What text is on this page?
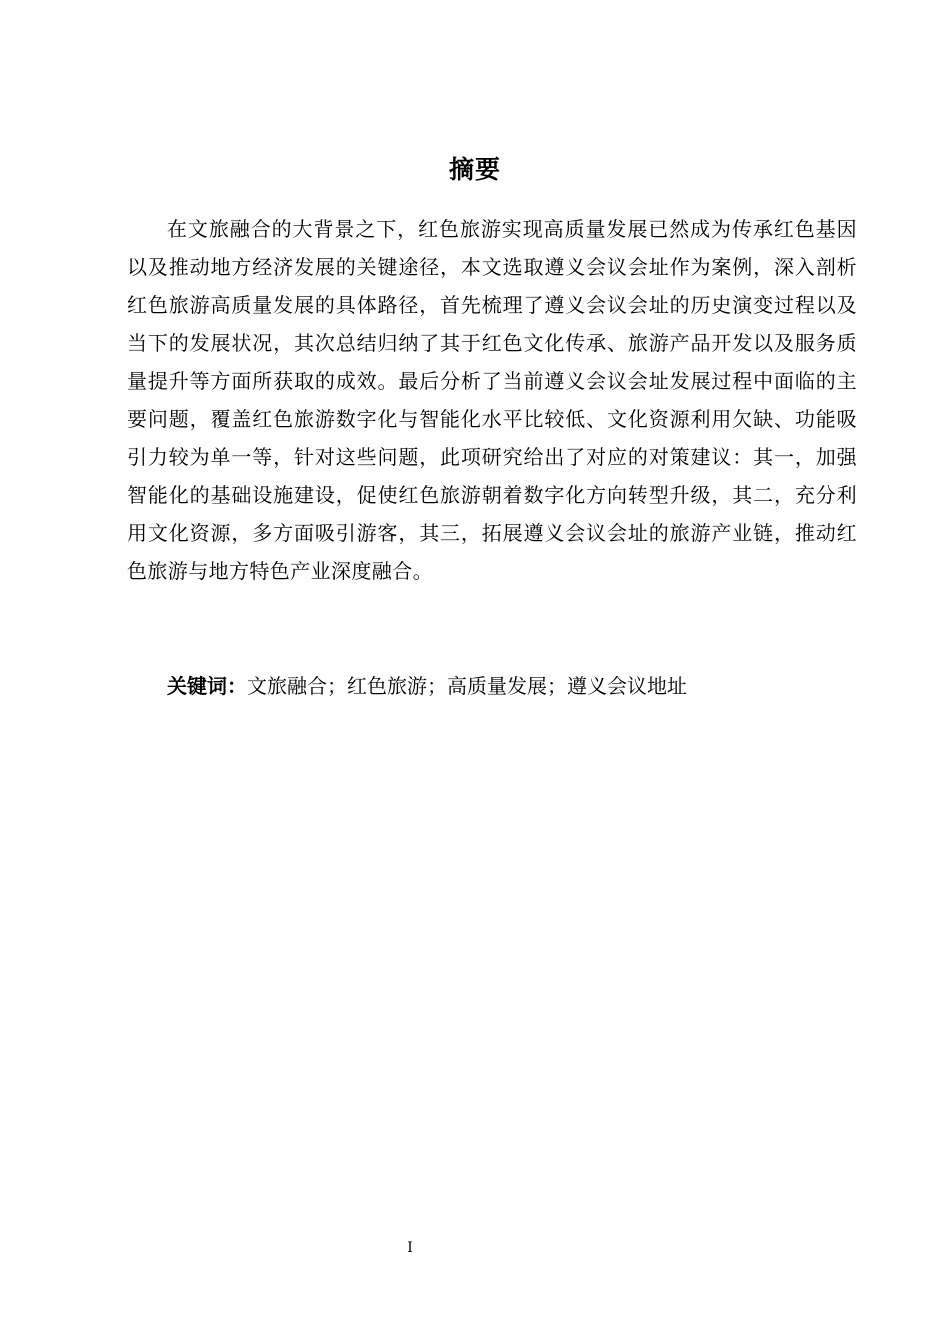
摘要

在文旅融合的大背景之下，红色旅游实现高质量发展已然成为传承红色基因以及推动地方经济发展的关键途径，本文选取遵义会议会址作为案例，深入剖析红色旅游高质量发展的具体路径，首先梳理了遵义会议会址的历史演变过程以及当下的发展状况，其次总结归纳了其于红色文化传承、旅游产品开发以及服务质量提升等方面所获取的成效。最后分析了当前遵义会议会址发展过程中面临的主要问题，覆盖红色旅游数字化与智能化水平比较低、文化资源利用欠缺、功能吸引力较为单一等，针对这些问题，此项研究给出了对应的对策建议：其一，加强智能化的基础设施建设，促使红色旅游朝着数字化方向转型升级，其二，充分利用文化资源，多方面吸引游客，其三，拓展遵义会议会址的旅游产业链，推动红色旅游与地方特色产业深度融合。

关键词：文旅融合；红色旅游；高质量发展；遵义会议地址
I
